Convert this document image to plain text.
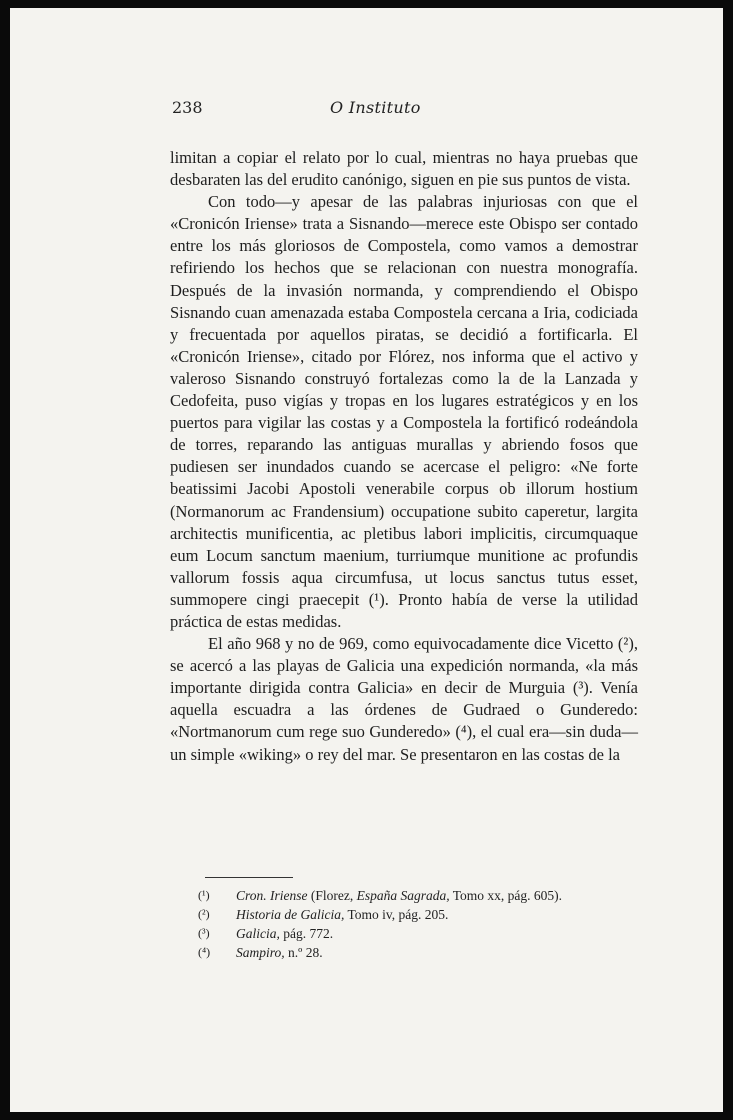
238	O Instituto

limitan a copiar el relato por lo cual, mientras no haya pruebas que desbaraten las del erudito canónigo, siguen en pie sus puntos de vista.

Con todo—y apesar de las palabras injuriosas con que el «Cronicón Iriense» trata a Sisnando—merece este Obispo ser contado entre los más gloriosos de Compostela, como vamos a demostrar refiriendo los hechos que se relacionan con nuestra monografía. Después de la invasión normanda, y comprendiendo el Obispo Sisnando cuan amenazada estaba Compostela cercana a Iria, codiciada y frecuentada por aquellos piratas, se decidió a fortificarla. El «Cronicón Iriense», citado por Flórez, nos informa que el activo y valeroso Sisnando construyó fortalezas como la de la Lanzada y Cedofeita, puso vigías y tropas en los lugares estratégicos y en los puertos para vigilar las costas y a Compostela la fortificó rodeándola de torres, reparando las antiguas murallas y abriendo fosos que pudiesen ser inundados cuando se acercase el peligro: «Ne forte beatissimi Jacobi Apostoli venerabile corpus ob illorum hostium (Normanorum ac Frandensium) occupatione subito caperetur, largita architectis munificentia, ac pletibus labori implicitis, circumquaque eum Locum sanctum maenium, turriumque munitione ac profundis vallorum fossis aqua circumfusa, ut locus sanctus tutus esset, summopere cingi praecepit (¹). Pronto había de verse la utilidad práctica de estas medidas.

El año 968 y no de 969, como equivocadamente dice Vicetto (²), se acercó a las playas de Galicia una expedición normanda, «la más importante dirigida contra Galicia» en decir de Murguia (³). Venía aquella escuadra a las órdenes de Gudraed o Gunderedo: «Nortmanorum cum rege suo Gunderedo» (⁴), el cual era—sin duda—un simple «wiking» o rey del mar. Se presentaron en las costas de la

(¹)	Cron. Iriense (Florez, España Sagrada, Tomo xx, pág. 605).
(²)	Historia de Galicia, Tomo iv, pág. 205.
(³)	Galicia, pág. 772.
(⁴)	Sampiro, n.º 28.
